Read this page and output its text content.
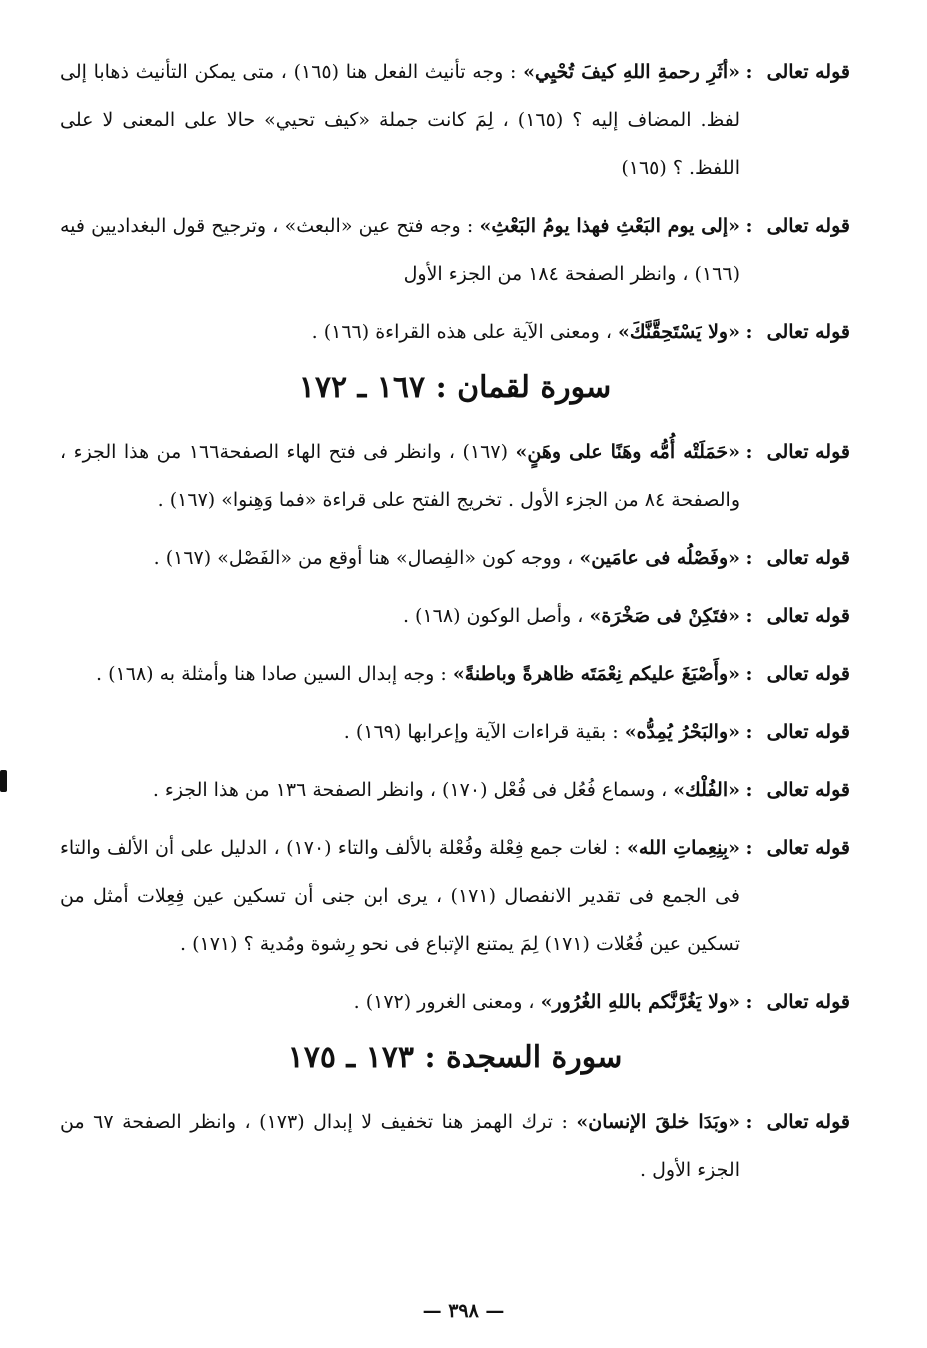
قوله تعالى
:
«أثَرِ رحمةِ اللهِ كيفَ تُحْيِي» : وجه تأنيث الفعل هنا (١٦٥) ، متى يمكن التأنيث ذهابا إلى لفظ. المضاف إليه ؟ (١٦٥) ، لِمَ كانت جملة «كيف تحيي» حالا على المعنى لا على اللفظ. ؟ (١٦٥)
قوله تعالى
:
«إلى يوم البَعْثِ فهذا يومُ البَعْثِ» : وجه فتح عين «البعث» ، وترجيح قول البغداديين فيه (١٦٦) ، وانظر الصفحة ١٨٤ من الجزء الأول
قوله تعالى
:
«ولا يَسْتَحِقَّنَّكَ» ، ومعنى الآية على هذه القراءة (١٦٦) .
سورة لقمان : ١٦٧ ـ ١٧٢
قوله تعالى
:
«حَمَلَتْه أُمُّه وهَنًا على وهَنٍ» (١٦٧) ، وانظر فى فتح الهاء الصفحة١٦٦ من هذا الجزء ، والصفحة ٨٤ من الجزء الأول . تخريج الفتح على قراءة «فما وَهِنوا» (١٦٧) .
قوله تعالى
:
«وفَصْلُه فى عامَين» ، ووجه كون «الفِصال» هنا أوقع من «الفَصْل» (١٦٧) .
قوله تعالى
:
«فتَكِنْ فى صَخْرَة» ، وأصل الوكون (١٦٨) .
قوله تعالى
:
«وأَصْبَغَ عليكم نِعْمَتَه ظاهرةً وباطنةً» : وجه إبدال السين صادا هنا وأمثلة به (١٦٨) .
قوله تعالى
:
«والبَحْرُ يُمِدُّه» : بقية قراءات الآية وإعرابها (١٦٩) .
قوله تعالى
:
«الفُلْك» ، وسماع فُعُل فى فُعْل (١٧٠) ، وانظر الصفحة ١٣٦ من هذا الجزء .
قوله تعالى
:
«بِنِعِماتِ الله» : لغات جمع فِعْلة وفُعْلة بالألف والتاء (١٧٠) ، الدليل على أن الألف والتاء فى الجمع فى تقدير الانفصال (١٧١) ، يرى ابن جنى أن تسكين عين فِعِلات أمثل من تسكين عين فُعُلات (١٧١) لِمَ يمتنع الإتباع فى نحو رِشوة ومُدية ؟ (١٧١) .
قوله تعالى
:
«ولا يَغُرَّنَّكم باللهِ الغُرُور» ، ومعنى الغرور (١٧٢) .
سورة السجدة : ١٧٣ ـ ١٧٥
قوله تعالى
:
«وبَدَا خلقَ الإنسان» : ترك الهمز هنا تخفيف لا إبدال (١٧٣) ، وانظر الصفحة ٦٧ من الجزء الأول .
— ٣٩٨ —
